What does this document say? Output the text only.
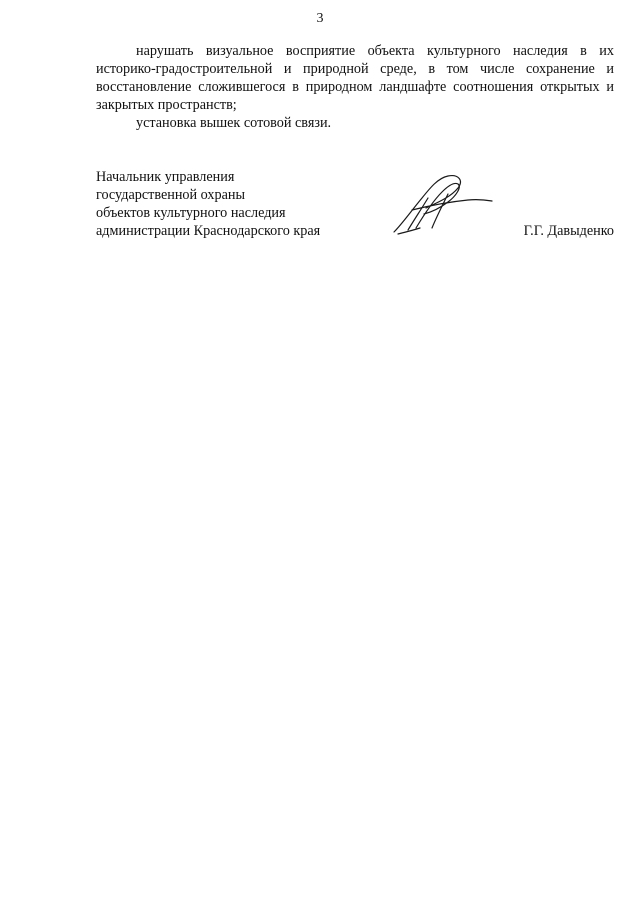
3

нарушать визуальное восприятие объекта культурного наследия в их историко-градостроительной и природной среде, в том числе сохранение и восстановление сложившегося в природном ландшафте соотношения открытых и закрытых пространств;

установка вышек сотовой связи.

Начальник управления
государственной охраны
объектов культурного наследия
администрации Краснодарского края	Г.Г. Давыденко
